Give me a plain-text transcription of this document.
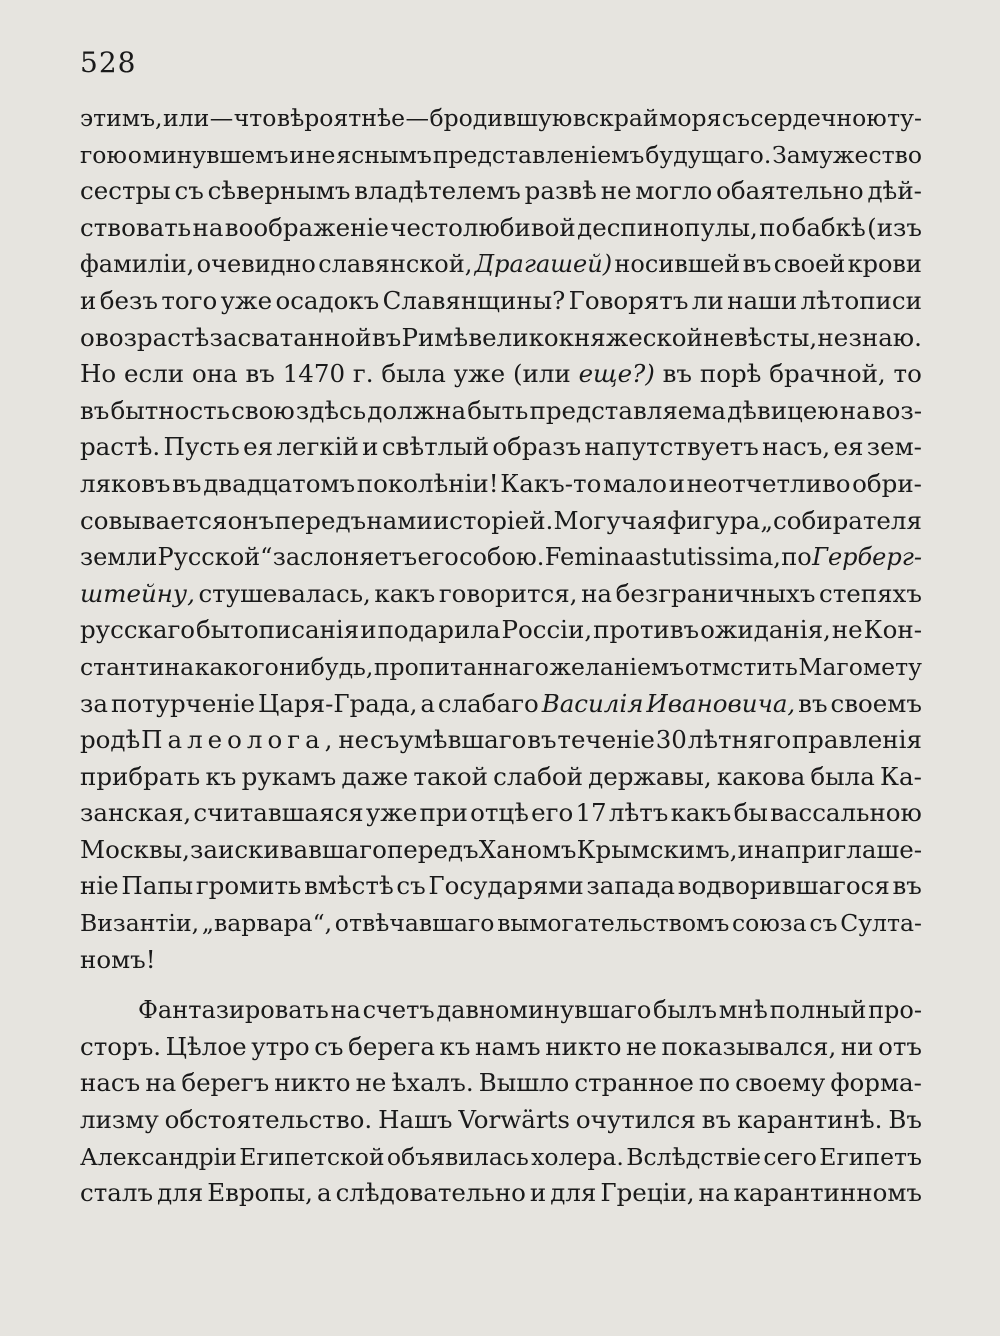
528
этимъ, или — что вѣроятнѣе — бродившую вскрай моря съ сердечною ту-
гою о минувшемъ и не яснымъ представленіемъ будущаго. Замужество
сестры съ сѣвернымъ владѣтелемъ развѣ не могло обаятельно дѣй-
ствовать на воображеніе честолюбивой деспинопулы, по бабкѣ (изъ
фамиліи, очевидно славянской, Драгашей) носившей въ своей крови
и безъ того уже осадокъ Славянщины? Говорятъ ли наши лѣтописи
о возрастѣ засватанной въ Римѣ великокняжеской невѣсты, не знаю.
Но если она въ 1470 г. была уже (или еще?) въ порѣ брачной, то
въ бытность свою здѣсь должна быть представляема дѣвицею на воз-
растѣ. Пусть ея легкій и свѣтлый образъ напутствуетъ насъ, ея зем-
ляковъ въ двадцатомъ поколѣніи! Какъ-то мало и неотчетливо обри-
совывается онъ передъ нами исторіей. Могучая фигура „собирателя
земли Русской“ заслоняетъ его собою. Femina astutissima, по Герберг-
штейну, стушевалась, какъ говорится, на безграничныхъ степяхъ
русскаго бытописанія и подарила Россіи, противъ ожиданія, не Кон-
стантина какого нибудь, пропитаннаго желаніемъ отмстить Магомету
за потурченіе Царя-Града, а слабаго Василія Ивановича, въ своемъ
родѣ Палеолога, не съумѣвшаго въ теченіе 30 лѣтняго правленія
прибрать къ рукамъ даже такой слабой державы, какова была Ка-
занская, считавшаяся уже при отцѣ его 17 лѣтъ какъ бы вассальною
Москвы, заискивавшаго передъ Ханомъ Крымскимъ, и на приглаше-
ніе Папы громить вмѣстѣ съ Государями запада водворившагося въ
Византіи, „варвара“, отвѣчавшаго вымогательствомъ союза съ Султа-
номъ!
Фантазировать на счетъ давноминувшаго былъ мнѣ полный про-
сторъ. Цѣлое утро съ берега къ намъ никто не показывался, ни отъ
насъ на берегъ никто не ѣхалъ. Вышло странное по своему форма-
лизму обстоятельство. Нашъ Vorwärts очутился въ карантинѣ. Въ
Александріи Египетской объявилась холера. Вслѣдствіе сего Египетъ
сталъ для Европы, а слѣдовательно и для Греціи, на карантинномъ
